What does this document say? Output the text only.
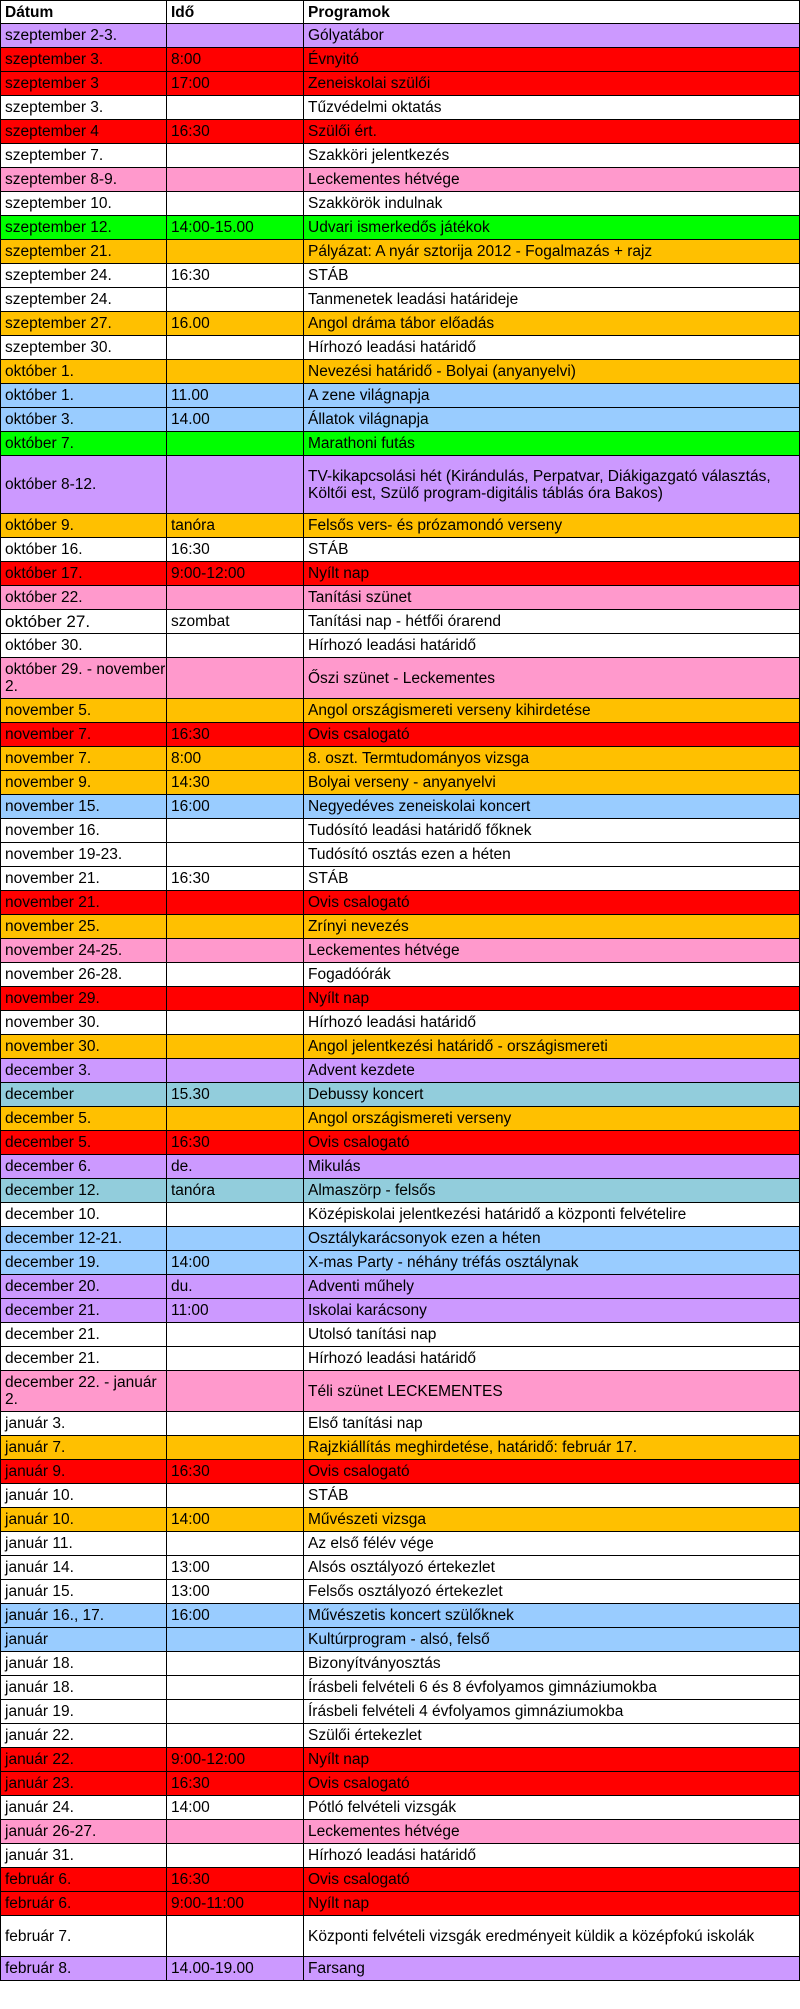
Dátum	Idő	Programok
szeptember 2-3.		Gólyatábor
szeptember 3.	8:00	Évnyitó
szeptember 3	17:00	Zeneiskolai szülői
szeptember 3.		Tűzvédelmi oktatás
szeptember 4	16:30	Szülői ért.
szeptember 7.		Szakköri jelentkezés
szeptember 8-9.		Leckementes hétvége
szeptember 10.		Szakkörök indulnak
szeptember 12.	14:00-15.00	Udvari ismerkedős játékok
szeptember 21.		Pályázat: A nyár sztorija 2012 - Fogalmazás + rajz
szeptember 24.	16:30	STÁB
szeptember 24.		Tanmenetek leadási határideje
szeptember 27.	16.00	Angol dráma tábor előadás
szeptember 30.		Hírhozó leadási határidő
október 1.		Nevezési határidő - Bolyai (anyanyelvi)
október 1.	11.00	A zene világnapja
október 3.	14.00	Állatok világnapja
október 7.		Marathoni futás
október 8-12.		TV-kikapcsolási hét (Kirándulás, Perpatvar, Diákigazgató választás, Költői est, Szülő program-digitális táblás óra Bakos)
október 9.	tanóra	Felsős vers- és prózamondó verseny
október 16.	16:30	STÁB
október 17.	9:00-12:00	Nyílt nap
október 22.		Tanítási szünet
október 27.	szombat	Tanítási nap - hétfői órarend
október 30.		Hírhozó leadási határidő
október 29. - november 2.		Őszi szünet - Leckementes
november 5.		Angol országismereti verseny kihirdetése
november 7.	16:30	Ovis csalogató
november 7.	8:00	8. oszt. Termtudományos vizsga
november 9.	14:30	Bolyai verseny - anyanyelvi
november 15.	16:00	Negyedéves zeneiskolai koncert
november 16.		Tudósító leadási határidő főknek
november 19-23.		Tudósító osztás ezen a héten
november 21.	16:30	STÁB
november 21.		Ovis csalogató
november 25.		Zrínyi nevezés
november 24-25.		Leckementes hétvége
november 26-28.		Fogadóórák
november 29.		Nyílt nap
november 30.		Hírhozó leadási határidő
november 30.		Angol jelentkezési határidő - országismereti
december 3.		Advent kezdete
december	15.30	Debussy koncert
december 5.		Angol országismereti verseny
december 5.	16:30	Ovis csalogató
december 6.	de.	Mikulás
december 12.	tanóra	Almaszörp - felsős
december 10.		Középiskolai jelentkezési határidő a központi felvételire
december 12-21.		Osztálykarácsonyok ezen a héten
december 19.	14:00	X-mas Party - néhány tréfás osztálynak
december 20.	du.	Adventi műhely
december 21.	11:00	Iskolai karácsony
december 21.		Utolsó tanítási nap
december 21.		Hírhozó leadási határidő
december 22. - január 2.		Téli szünet LECKEMENTES
január 3.		Első tanítási nap
január 7.		Rajzkiállítás meghirdetése, határidő: február 17.
január 9.	16:30	Ovis csalogató
január 10.		STÁB
január 10.	14:00	Művészeti vizsga
január 11.		Az első félév vége
január 14.	13:00	Alsós osztályozó értekezlet
január 15.	13:00	Felsős osztályozó értekezlet
január 16., 17.	16:00	Művészetis koncert szülőknek
január		Kultúrprogram - alsó, felső
január 18.		Bizonyítványosztás
január 18.		Írásbeli felvételi 6 és 8 évfolyamos gimnáziumokba
január 19.		Írásbeli felvételi 4 évfolyamos gimnáziumokba
január 22.		Szülői értekezlet
január 22.	9:00-12:00	Nyílt nap
január 23.	16:30	Ovis csalogató
január 24.	14:00	Pótló felvételi vizsgák
január 26-27.		Leckementes hétvége
január 31.		Hírhozó leadási határidő
február 6.	16:30	Ovis csalogató
február 6.	9:00-11:00	Nyílt nap
február 7.		Központi felvételi vizsgák eredményeit küldik a középfokú iskolák
február 8.	14.00-19.00	Farsang
